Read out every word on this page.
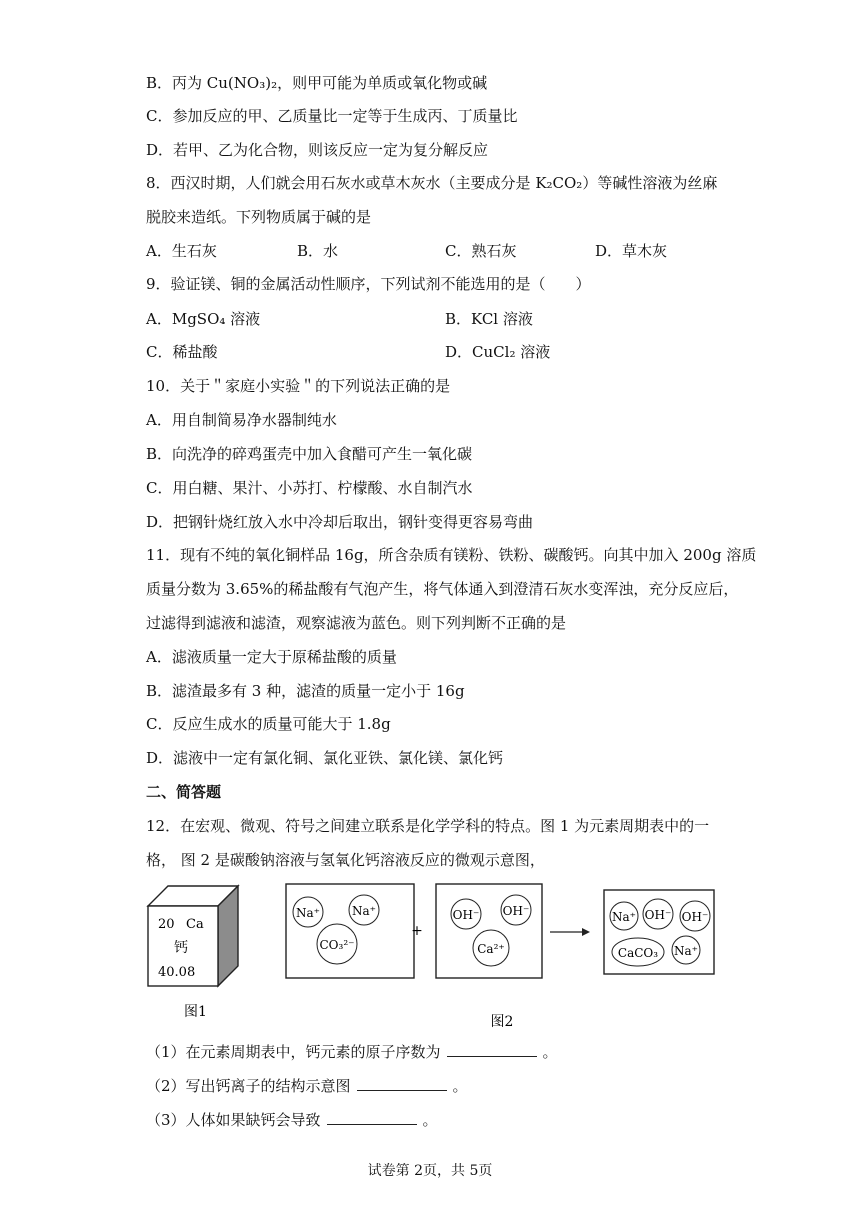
B．丙为 Cu(NO₃)₂，则甲可能为单质或氧化物或碱
C．参加反应的甲、乙质量比一定等于生成丙、丁质量比
D．若甲、乙为化合物，则该反应一定为复分解反应
8．西汉时期，人们就会用石灰水或草木灰水（主要成分是 K₂CO₂）等碱性溶液为丝麻
脱胶来造纸。下列物质属于碱的是
A．生石灰	B．水	C．熟石灰	D．草木灰
9．验证镁、铜的金属活动性顺序，下列试剂不能选用的是（　　）
A．MgSO₄ 溶液	B．KCl 溶液
C．稀盐酸	D．CuCl₂ 溶液
10．关于＂家庭小实验＂的下列说法正确的是
A．用自制简易净水器制纯水
B．向洗净的碎鸡蛋壳中加入食醋可产生一氧化碳
C．用白糖、果汁、小苏打、柠檬酸、水自制汽水
D．把钢针烧红放入水中冷却后取出，钢针变得更容易弯曲
11．现有不纯的氧化铜样品 16g，所含杂质有镁粉、铁粉、碳酸钙。向其中加入 200g 溶质
质量分数为 3.65%的稀盐酸有气泡产生，将气体通入到澄清石灰水变浑浊，充分反应后，
过滤得到滤液和滤渣，观察滤液为蓝色。则下列判断不正确的是
A．滤液质量一定大于原稀盐酸的质量
B．滤渣最多有 3 种，滤渣的质量一定小于 16g
C．反应生成水的质量可能大于 1.8g
D．滤液中一定有氯化铜、氯化亚铁、氯化镁、氯化钙
二、简答题
12．在宏观、微观、符号之间建立联系是化学学科的特点。图 1 为元素周期表中的一
格， 图 2 是碳酸钠溶液与氢氧化钙溶液反应的微观示意图，
20 Ca
钙
40.08
图1
Na⁺	Na⁺
CO₃²⁻
+
OH⁻ OH⁻
Ca²⁺
Na⁺ OH⁻ OH⁻
CaCO₃ Na⁺
图2
（1）在元素周期表中，钙元素的原子序数为	。
（2）写出钙离子的结构示意图	。
（3）人体如果缺钙会导致	。
试卷第 2页，共 5页
